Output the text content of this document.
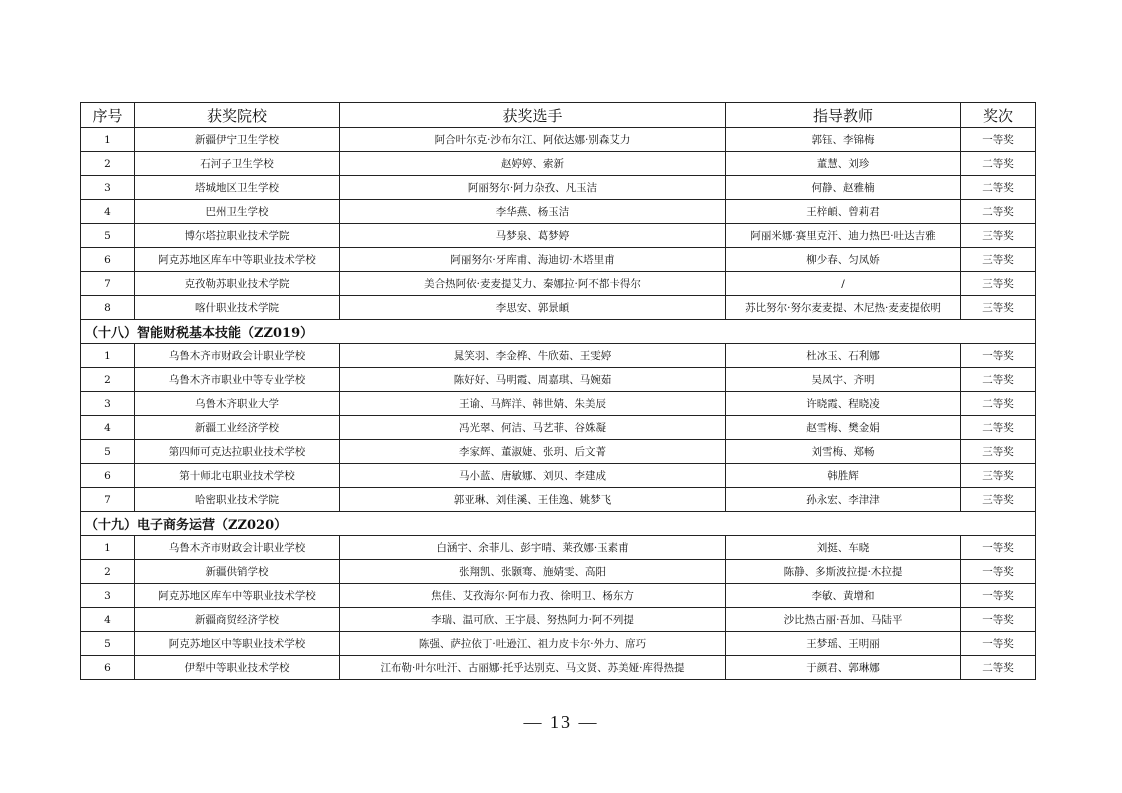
序号	获奖院校	获奖选手	指导教师	奖次
1	新疆伊宁卫生学校	阿合叶尔克·沙布尔江、阿依达娜·别森艾力	郭钰、李锦梅	一等奖
2	石河子卫生学校	赵婷婷、索新	董慧、刘珍	二等奖
3	塔城地区卫生学校	阿丽努尔·阿力杂孜、凡玉洁	何静、赵雅楠	二等奖
4	巴州卫生学校	李华燕、杨玉洁	王梓頔、曾莉君	二等奖
5	博尔塔拉职业技术学院	马梦泉、葛梦婷	阿丽米娜·赛里克汗、迪力热巴·吐达吉雅	三等奖
6	阿克苏地区库车中等职业技术学校	阿丽努尔·牙库甫、海迪切·木塔里甫	柳少春、匀凤娇	三等奖
7	克孜勒苏职业技术学院	美合热阿依·麦麦提艾力、秦娜拉·阿不都卡得尔	/	三等奖
8	喀什职业技术学院	李思安、郭景頔	苏比努尔·努尔麦麦提、木尼热·麦麦提依明	三等奖
（十八）智能财税基本技能（ZZ019）				
1	乌鲁木齐市财政会计职业学校	晁笑羽、李金桦、牛欣茹、王雯婷	杜冰玉、石利娜	一等奖
2	乌鲁木齐市职业中等专业学校	陈好好、马明霞、周嘉琪、马婉茹	吴凤宇、齐明	二等奖
3	乌鲁木齐职业大学	王谕、马辉洋、韩世婧、朱美辰	许晓霞、程晓凌	二等奖
4	新疆工业经济学校	冯光翠、何洁、马艺菲、谷姝凝	赵雪梅、樊金娟	二等奖
5	第四师可克达拉职业技术学校	李家辉、董淑婕、张玥、后文菁	刘雪梅、郑畅	三等奖
6	第十师北屯职业技术学校	马小蓝、唐敏娜、刘贝、李建成	韩胜辉	三等奖
7	哈密职业技术学院	郭亚琳、刘佳溪、王佳逸、姚梦飞	孙永宏、李津津	三等奖
（十九）电子商务运营（ZZ020）				
1	乌鲁木齐市财政会计职业学校	白涵宇、余菲儿、彭宇晴、莱孜娜·玉素甫	刘挺、车晓	一等奖
2	新疆供销学校	张翔凯、张颢骞、施婧雯、高阳	陈静、多斯波拉提·木拉提	一等奖
3	阿克苏地区库车中等职业技术学校	焦佳、艾孜海尔·阿布力孜、徐明卫、杨东方	李敏、黄增和	一等奖
4	新疆商贸经济学校	李瑞、温可欣、王宇晨、努热阿力·阿不列提	沙比热古丽·吾加、马陆平	一等奖
5	阿克苏地区中等职业技术学校	陈强、萨拉依丁·吐逊江、祖力皮卡尔·外力、席巧	王梦瑶、王明丽	一等奖
6	伊犁中等职业技术学校	江布勒·叶尔吐汗、古丽娜·托乎达别克、马文贤、苏美娅·库得热提	于颜君、郭琳娜	二等奖
— 13 —
